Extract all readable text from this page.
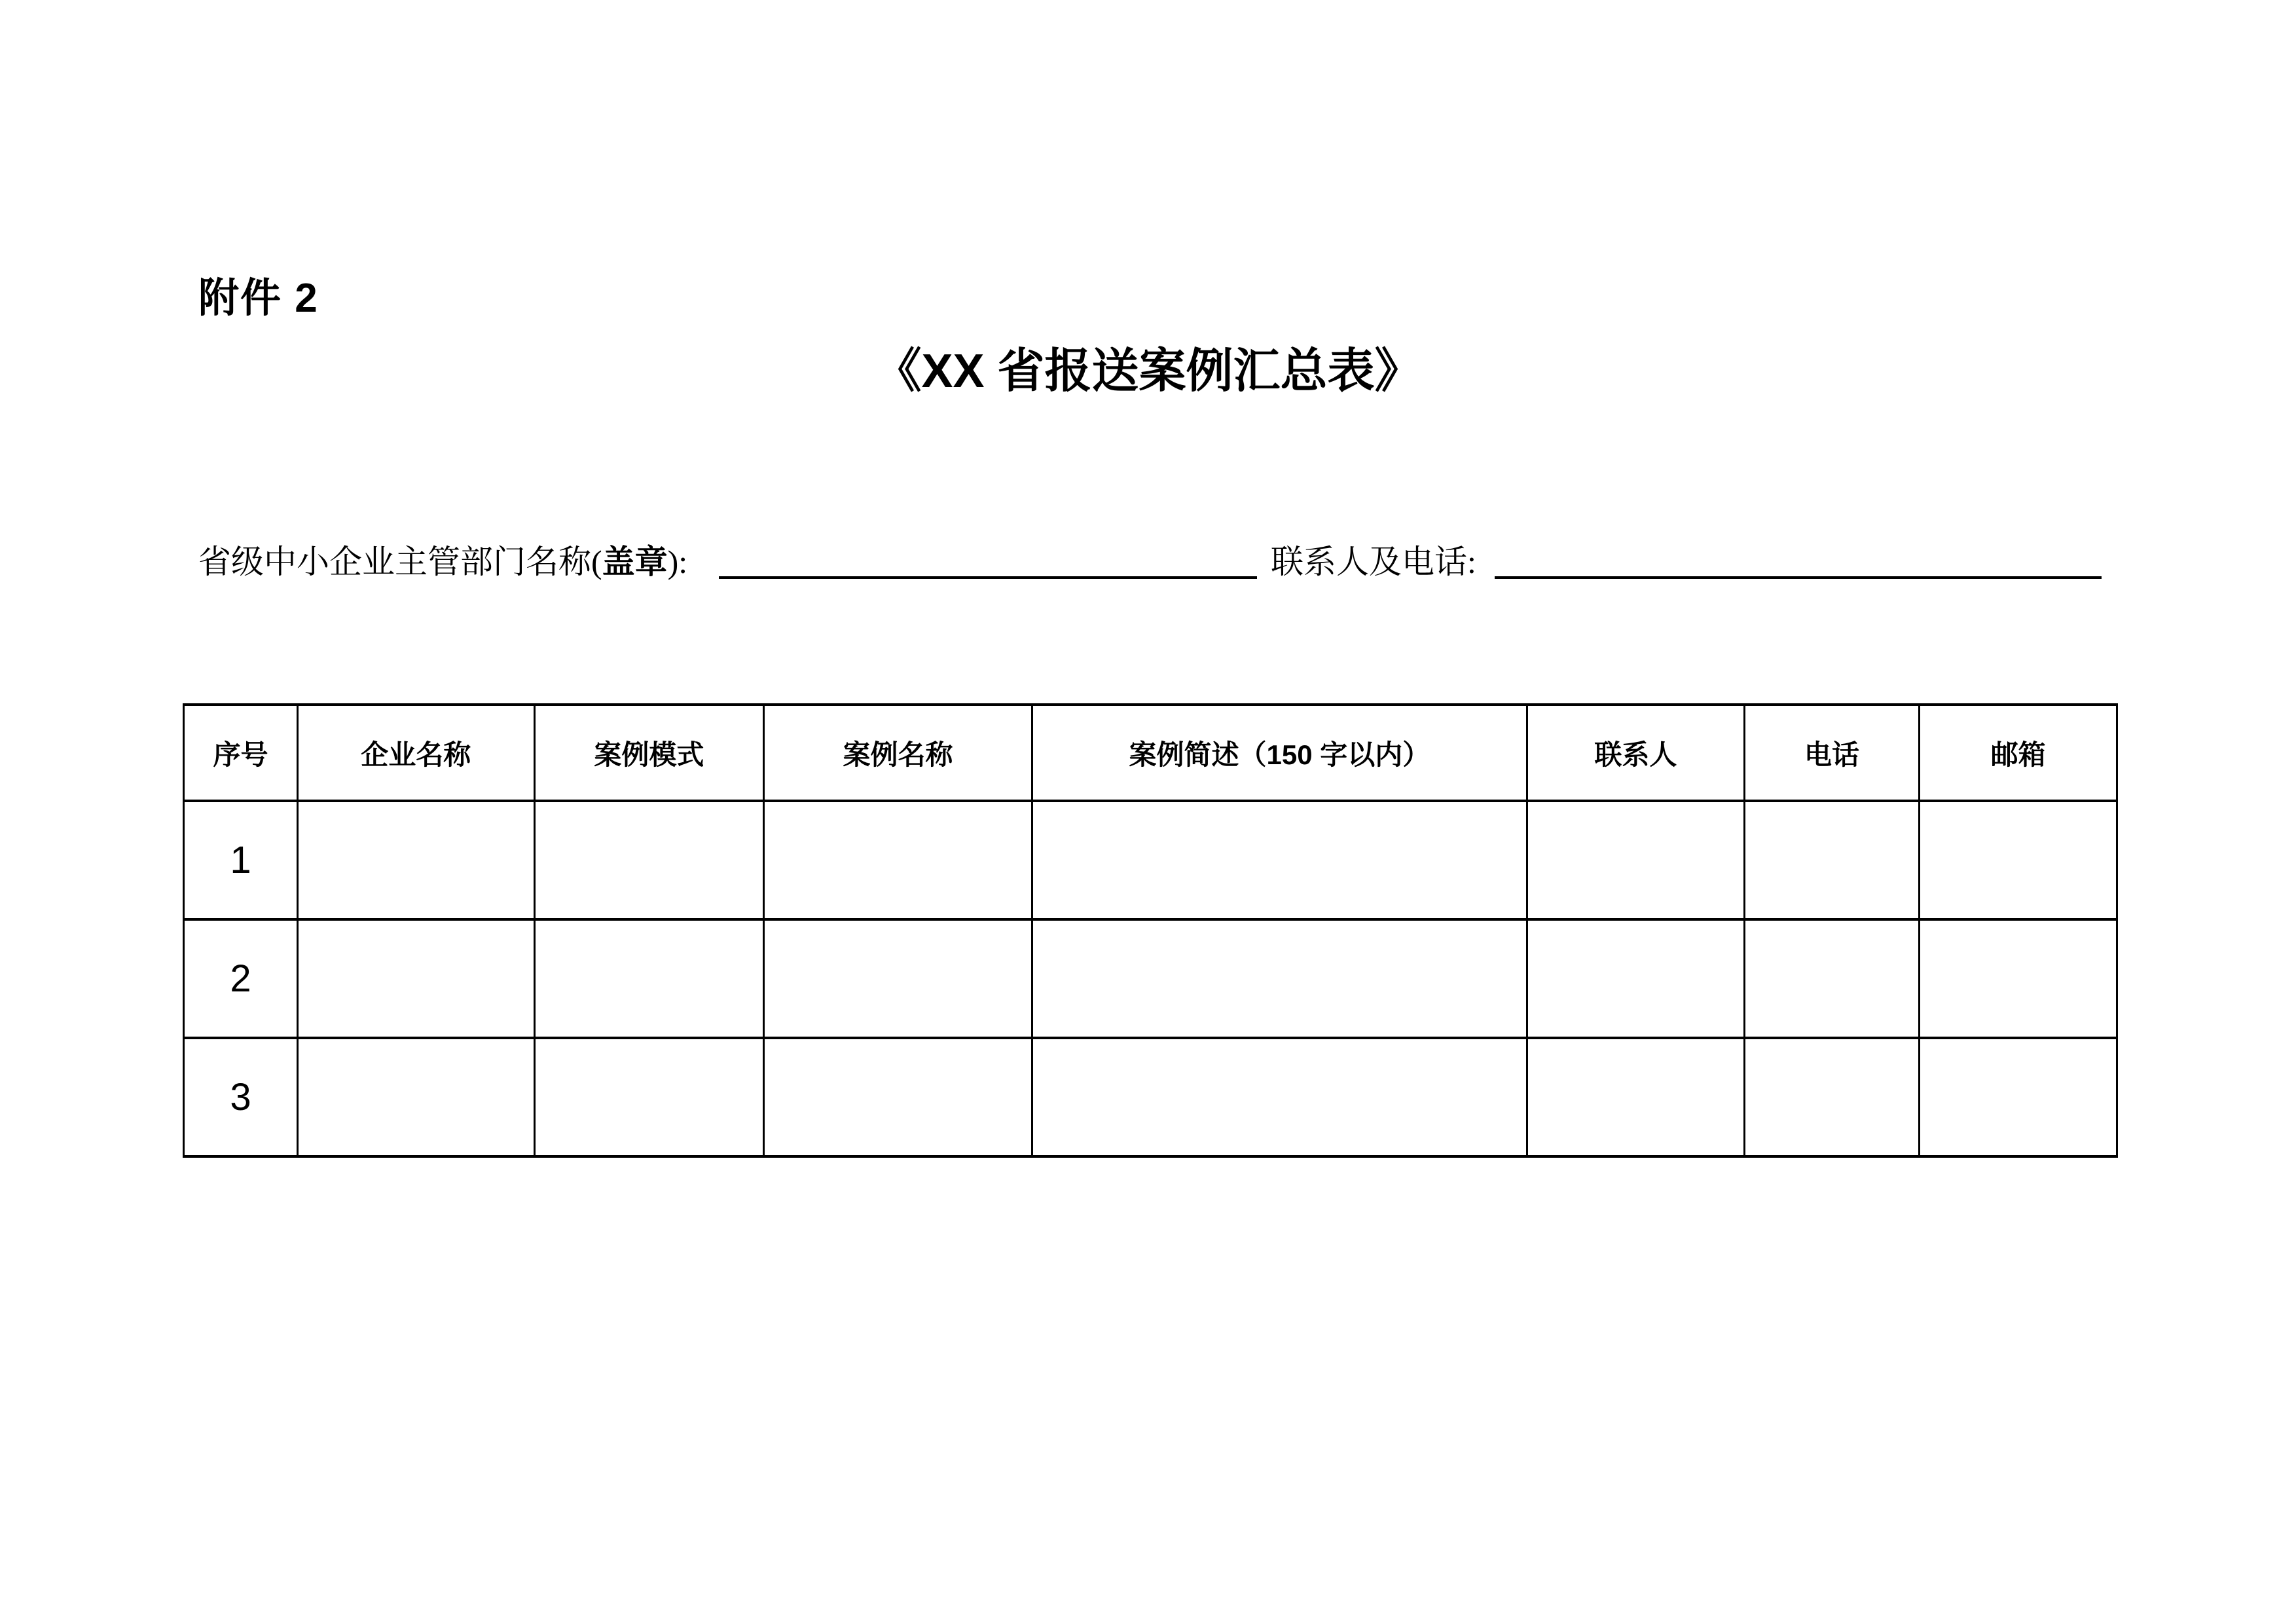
附件 2
《XX 省报送案例汇总表》
省级中小企业主管部门名称(盖章):	联系人及电话:
序号	企业名称	案例模式	案例名称	案例简述（150 字以内）	联系人	电话	邮箱
1							
2							
3							
